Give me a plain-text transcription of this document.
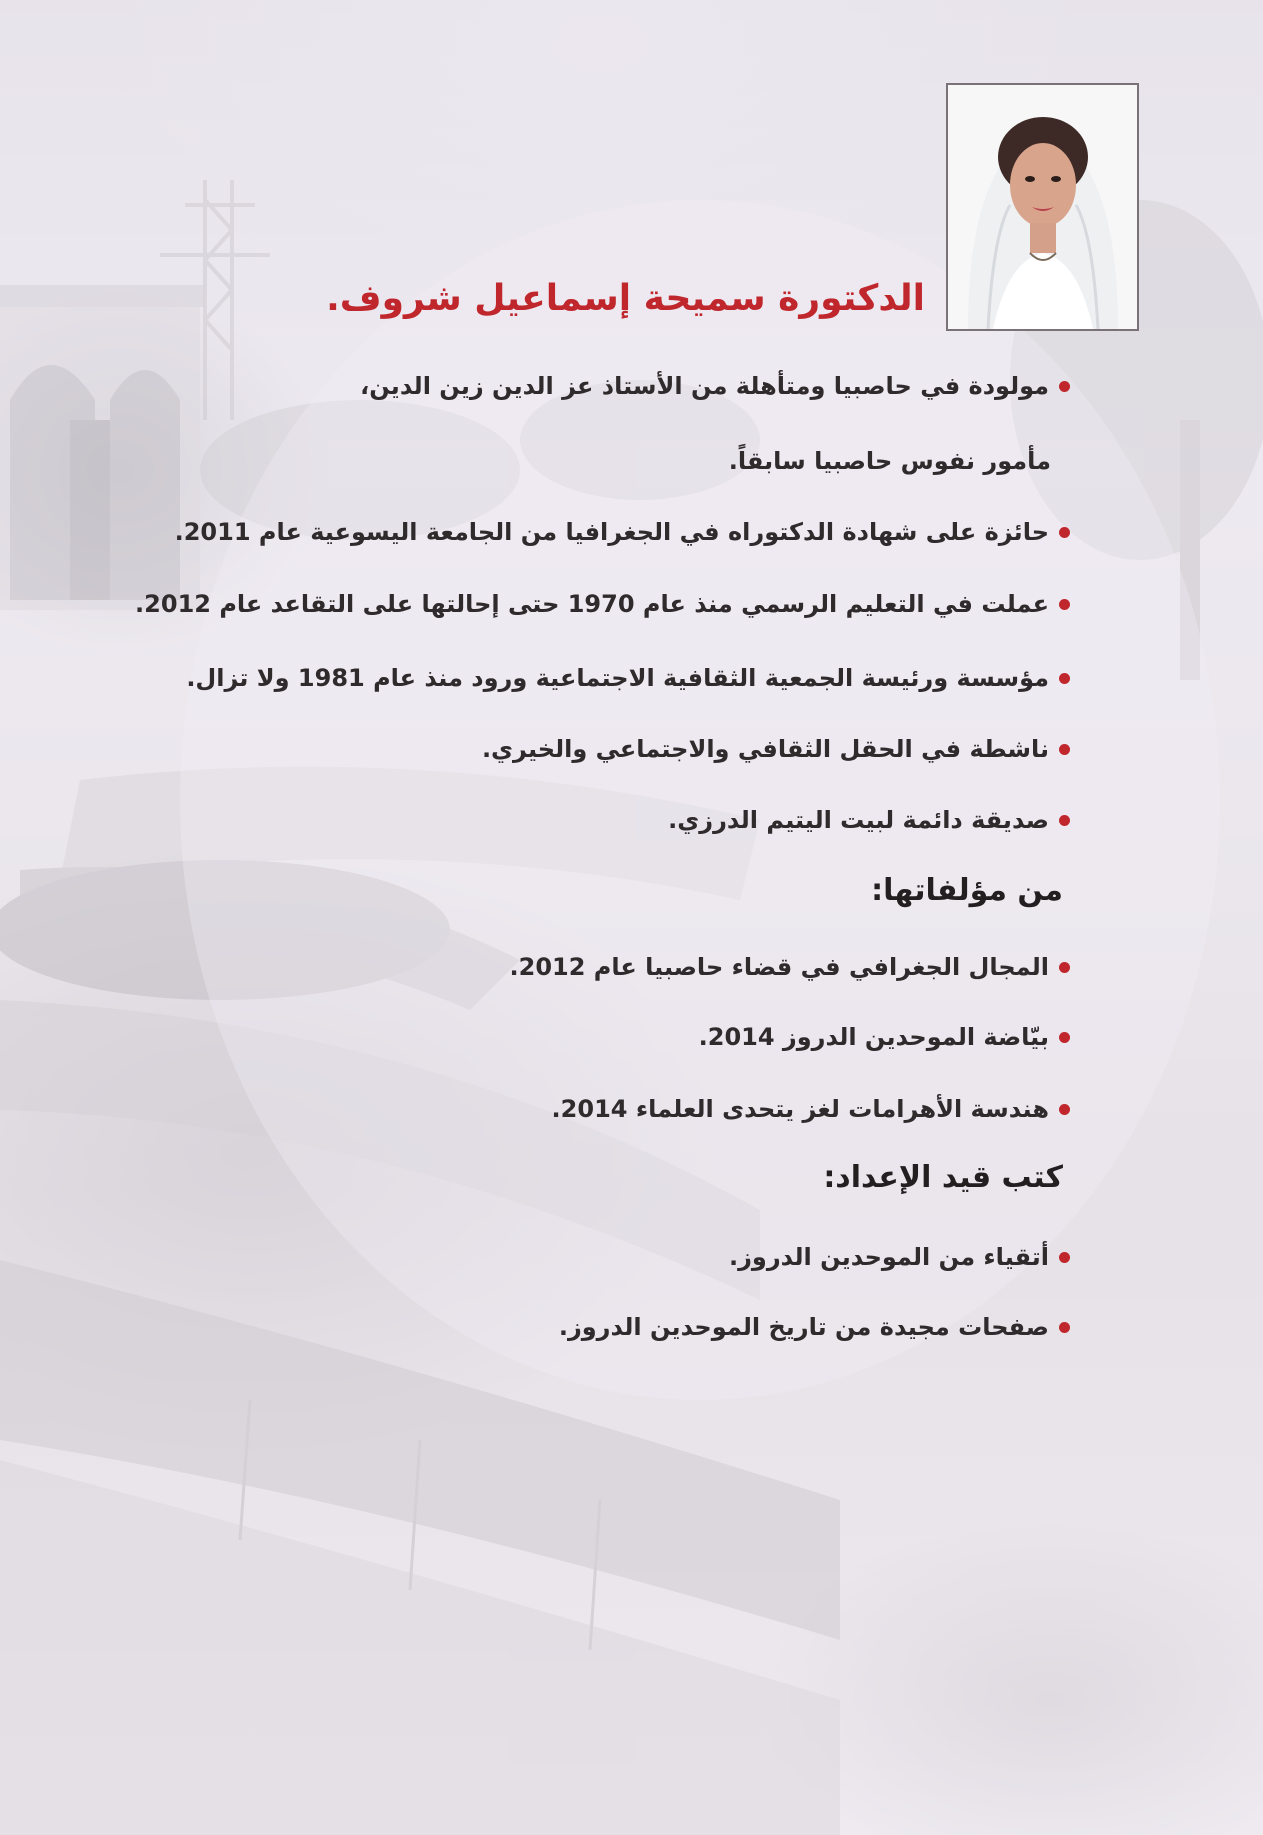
الدكتورة سميحة إسماعيل شروف.

مولودة في حاصبيا ومتأهلة من الأستاذ عز الدين زين الدين،

مأمور نفوس حاصبيا سابقاً.

حائزة على شهادة الدكتوراه في الجغرافيا من الجامعة اليسوعية عام 2011.

عملت في التعليم الرسمي منذ عام 1970 حتى إحالتها على التقاعد عام 2012.

مؤسسة ورئيسة الجمعية الثقافية الاجتماعية ورود منذ عام 1981 ولا تزال.

ناشطة في الحقل الثقافي والاجتماعي والخيري.

صديقة دائمة لبيت اليتيم الدرزي.

من مؤلفاتها:

المجال الجغرافي في قضاء حاصبيا عام 2012.

بيّاضة الموحدين الدروز 2014.

هندسة الأهرامات لغز يتحدى العلماء 2014.

كتب قيد الإعداد:

أتقياء من الموحدين الدروز.

صفحات مجيدة من تاريخ الموحدين الدروز.
